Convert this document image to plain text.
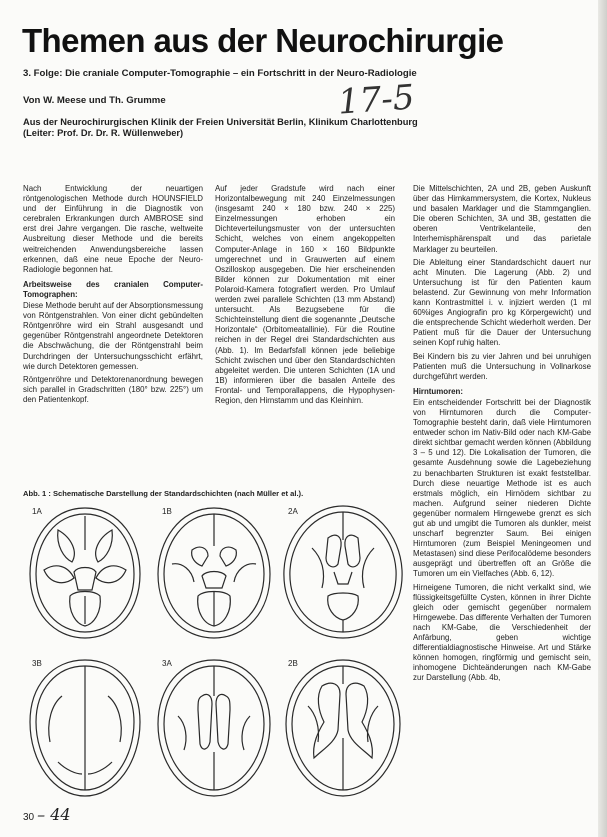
Themen aus der Neurochirurgie
3. Folge: Die craniale Computer-Tomographie – ein Fortschritt in der Neuro-Radiologie
17-5
Von W. Meese und Th. Grumme
Aus der Neurochirurgischen Klinik der Freien Universität Berlin, Klinikum Charlottenburg
(Leiter: Prof. Dr. Dr. R. Wüllenweber)

Nach Entwicklung der neuartigen röntgenologischen Methode durch HOUNSFIELD und der Einführung in die Diagnostik von cerebralen Erkrankungen durch AMBROSE sind erst drei Jahre vergangen. Die rasche, weltweite Ausbreitung dieser Methode und die bereits weitreichenden Anwendungsbereiche lassen erkennen, daß eine neue Epoche der Neuro-Radiologie begonnen hat.

Arbeitsweise des cranialen Computer-Tomographen:

Diese Methode beruht auf der Absorptionsmessung von Röntgenstrahlen. Von einer dicht gebündelten Röntgenröhre wird ein Strahl ausgesandt und gegenüber Röntgenstrahl angeordnete Detektoren die Abschwächung, die der Röntgenstrahl beim Durchdringen der Untersuchungsschicht erfährt, wie durch Detektoren gemessen.

Röntgenröhre und Detektorenanordnung bewegen sich parallel in Gradschritten (180° bzw. 225°) um den Patientenkopf.

Auf jeder Gradstufe wird nach einer Horizontalbewegung mit 240 Einzelmessungen (insgesamt 240 × 180 bzw. 240 × 225) Einzelmessungen erhoben ein Dichteverteilungsmuster von der untersuchten Schicht, welches von einem angekoppelten Computer-Anlage in 160 × 160 Bildpunkte umgerechnet und in Grauwerten auf einem Oszilloskop ausgegeben. Die hier erscheinenden Bilder können zur Dokumentation mit einer Polaroid-Kamera fotografiert werden. Pro Umlauf werden zwei parallele Schichten (13 mm Abstand) untersucht. Als Bezugsebene für die Schichteinstellung dient die sogenannte „Deutsche Horizontale“ (Orbitomeatallinie). Für die Routine reichen in der Regel drei Standardschichten aus (Abb. 1). Im Bedarfsfall können jede beliebige Schicht zwischen und über den Standardschichten abgeleitet werden. Die unteren Schichten (1A und 1B) informieren über die basalen Anteile des Frontal- und Temporallappens, die Hypophysen-Region, den Hirnstamm und das Kleinhirn.

Die Mittelschichten, 2A und 2B, geben Auskunft über das Hirnkammersystem, die Kortex, Nukleus und basalen Marklager und die Stammganglien. Die oberen Schichten, 3A und 3B, gestatten die oberen Ventrikelanteile, den Interhemisphärenspalt und das parietale Marklager zu beurteilen.

Die Ableitung einer Standardschicht dauert nur acht Minuten. Die Lagerung (Abb. 2) und Untersuchung ist für den Patienten kaum belastend. Zur Gewinnung von mehr Information kann Kontrastmittel i. v. injiziert werden (1 ml 60%iges Angiografin pro kg Körpergewicht) und die entsprechende Schicht wiederholt werden. Der Patient muß für die Dauer der Untersuchung seinen Kopf ruhig halten.

Bei Kindern bis zu vier Jahren und bei unruhigen Patienten muß die Untersuchung in Vollnarkose durchgeführt werden.

Hirntumoren:

Ein entscheidender Fortschritt bei der Diagnostik von Hirntumoren durch die Computer-Tomographie besteht darin, daß viele Hirntumoren entweder schon im Nativ-Bild oder nach KM-Gabe direkt sichtbar gemacht werden können (Abbildung 3 – 5 und 12). Die Lokalisation der Tumoren, die gesamte Ausdehnung sowie die Lagebeziehung zu benachbarten Strukturen ist exakt feststellbar. Durch diese neuartige Methode ist es auch erstmals möglich, ein Hirnödem sichtbar zu machen. Aufgrund seiner niederen Dichte gegenüber normalem Hirngewebe grenzt es sich gut ab und umgibt die Tumoren als dunkler, meist unscharf begrenzter Saum. Bei einigen Hirntumoren (zum Beispiel Meningeomen und Metastasen) sind diese Perifocalödeme besonders ausgeprägt und übertreffen oft an Größe die Tumoren um ein Vielfaches (Abb. 6, 12).

Hirneigene Tumoren, die nicht verkalkt sind, wie flüssigkeitsgefüllte Cysten, können in ihrer Dichte gleich oder gemischt gegenüber normalem Hirngewebe. Das differente Verhalten der Tumoren nach KM-Gabe, die Verschiedenheit der Anfärbung, geben wichtige differentialdiagnostische Hinweise. Art und Stärke können homogen, ringförmig und gemischt sein, inhomogene Dichteänderungen nach KM-Gabe zur Darstellung (Abb. 4b,

Abb. 1 : Schematische Darstellung der Standardschichten (nach Müller et al.).
1A	1B	2A
3B	3A	2B
30 – 44
